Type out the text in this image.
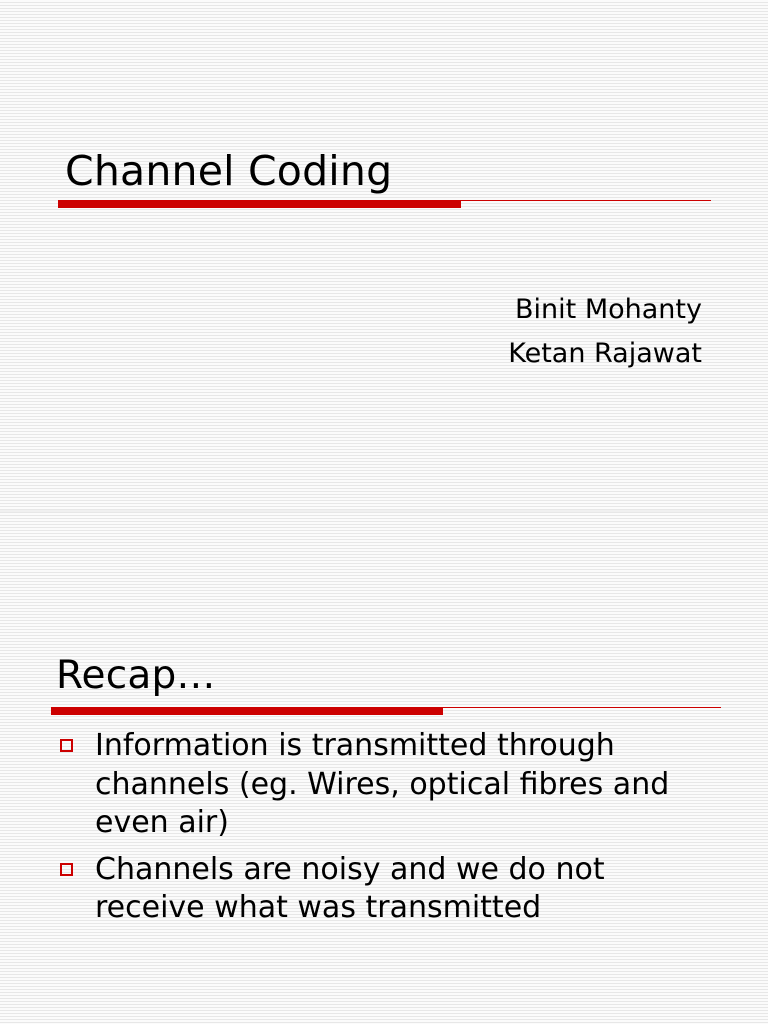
Channel Coding
Binit Mohanty
Ketan Rajawat
Recap…
Information is transmitted through channels (eg. Wires, optical fibres and even air)
Channels are noisy and we do not receive what was transmitted
